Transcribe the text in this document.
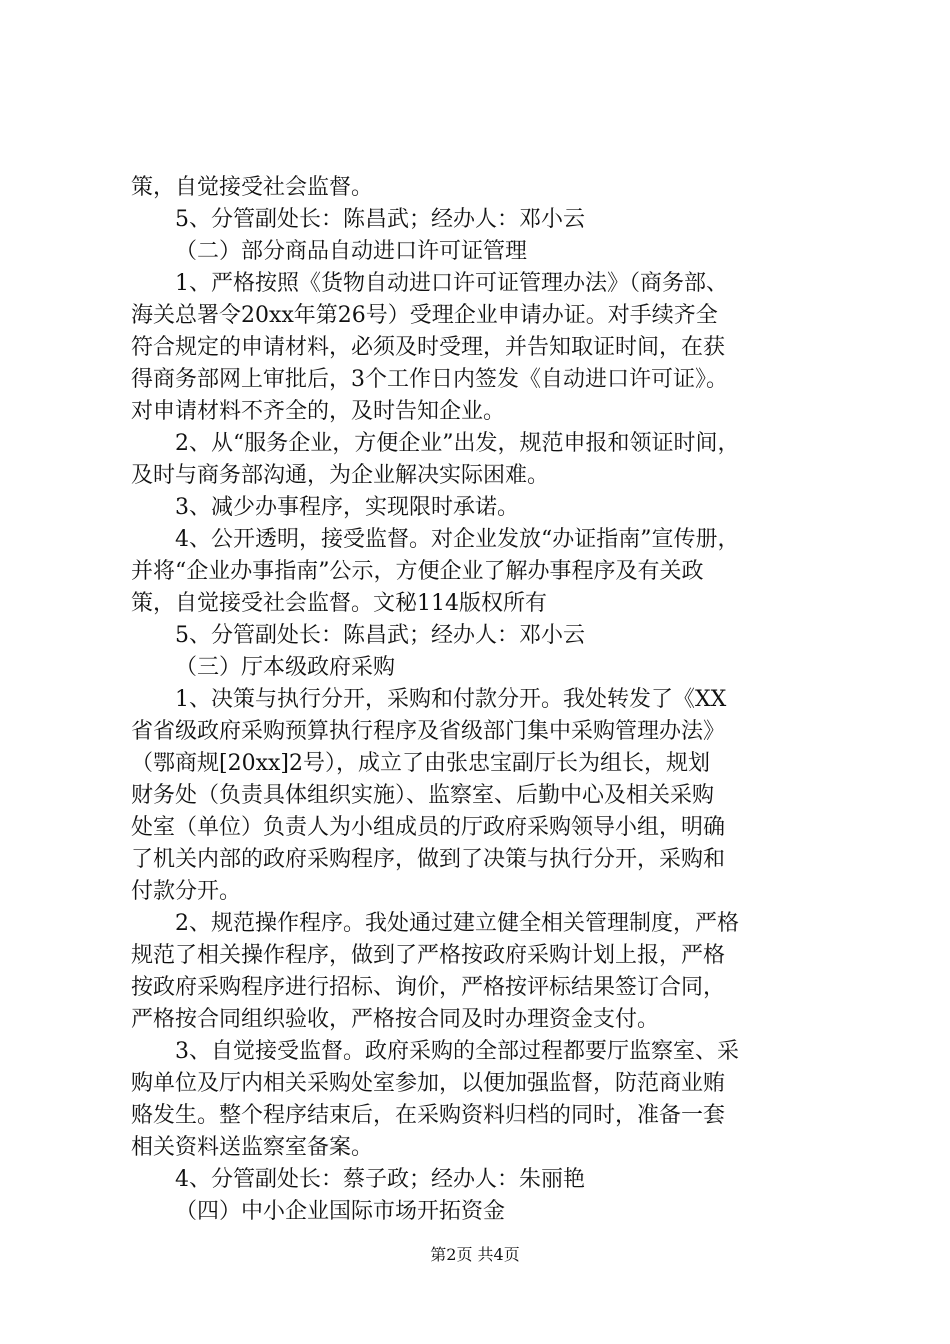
策，自觉接受社会监督。
5、分管副处长：陈昌武；经办人：邓小云
（二）部分商品自动进口许可证管理
1、严格按照《货物自动进口许可证管理办法》（商务部、
海关总署令20xx年第26号）受理企业申请办证。对手续齐全
符合规定的申请材料，必须及时受理，并告知取证时间，在获
得商务部网上审批后，3个工作日内签发《自动进口许可证》。
对申请材料不齐全的，及时告知企业。
2、从“服务企业，方便企业”出发，规范申报和领证时间，
及时与商务部沟通，为企业解决实际困难。
3、减少办事程序，实现限时承诺。
4、公开透明，接受监督。对企业发放“办证指南”宣传册，
并将“企业办事指南”公示，方便企业了解办事程序及有关政
策，自觉接受社会监督。文秘114版权所有
5、分管副处长：陈昌武；经办人：邓小云
（三）厅本级政府采购
1、决策与执行分开，采购和付款分开。我处转发了《XX
省省级政府采购预算执行程序及省级部门集中采购管理办法》
（鄂商规[20xx]2号），成立了由张忠宝副厅长为组长，规划
财务处（负责具体组织实施）、监察室、后勤中心及相关采购
处室（单位）负责人为小组成员的厅政府采购领导小组，明确
了机关内部的政府采购程序，做到了决策与执行分开，采购和
付款分开。
2、规范操作程序。我处通过建立健全相关管理制度，严格
规范了相关操作程序，做到了严格按政府采购计划上报，严格
按政府采购程序进行招标、询价，严格按评标结果签订合同，
严格按合同组织验收，严格按合同及时办理资金支付。
3、自觉接受监督。政府采购的全部过程都要厅监察室、采
购单位及厅内相关采购处室参加，以便加强监督，防范商业贿
赂发生。整个程序结束后，在采购资料归档的同时，准备一套
相关资料送监察室备案。
4、分管副处长：蔡子政；经办人：朱丽艳
（四）中小企业国际市场开拓资金
第2页 共4页
